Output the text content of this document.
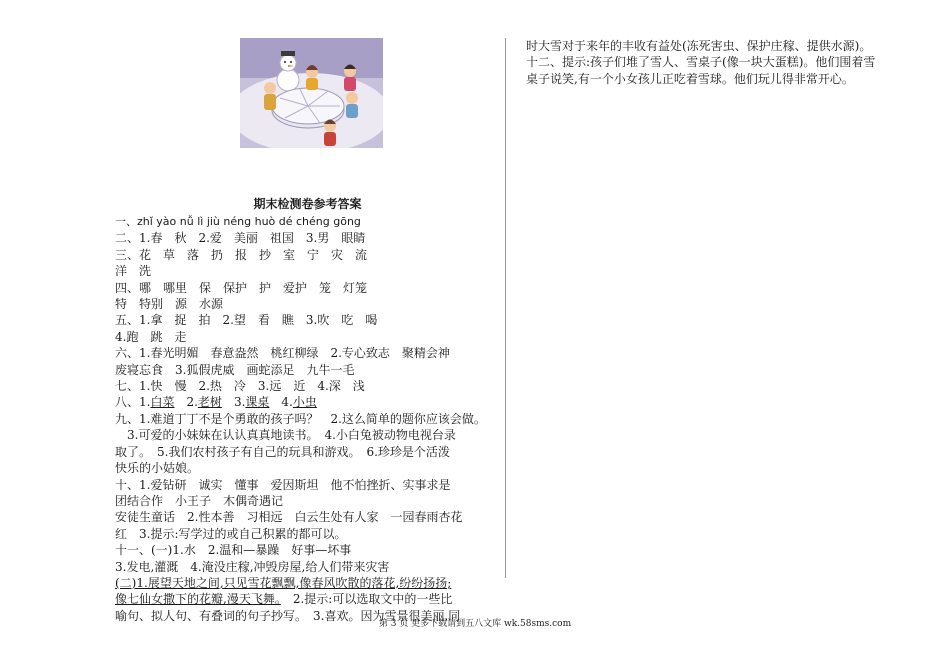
期末检测卷参考答案
一、zhǐ yào nǚ lì jiù néng huò dé chéng gōng
二、1.春　秋　2.爱　美丽　祖国　3.男　眼睛
三、花　草　落　扔　报　抄　室　宁　灾　流
洋　洗
四、哪　哪里　保　保护　护　爱护　笼　灯笼
特　特别　源　水源
五、1.拿　捉　拍　2.望　看　瞧　3.吹　吃　喝
4.跑　跳　走
六、1.春光明媚　春意盎然　桃红柳绿　2.专心致志　聚精会神
废寝忘食　3.狐假虎威　画蛇添足　九牛一毛
七、1.快　慢　2.热　冷　3.远　近　4.深　浅
八、1.白菜　2.老树　3.课桌　4.小虫
九、1.难道丁丁不是个勇敢的孩子吗？　2.这么简单的题你应该会做。
　3.可爱的小妹妹在认认真真地读书。　4.小白兔被动物电视台录
取了。　5.我们农村孩子有自己的玩具和游戏。　6.珍珍是个活泼
快乐的小姑娘。
十、1.爱钻研　诚实　懂事　爱因斯坦　他不怕挫折、实事求是
团结合作　小王子　木偶奇遇记
安徒生童话　2.性本善　习相远　白云生处有人家　一园春雨杏花
红　3.提示:写学过的或自己积累的都可以。
十一、(一)1.水　2.温和—暴躁　好事—坏事
3.发电,灌溉　4.淹没庄稼,冲毁房屋,给人们带来灾害
(二)1.展望天地之间,只见雪花飘飘,像春风吹散的落花,纷纷扬扬;
像七仙女撒下的花瓣,漫天飞舞。　2.提示:可以选取文中的一些比
喻句、拟人句、有叠词的句子抄写。　3.喜欢。因为雪景很美丽,同
时大雪对于来年的丰收有益处(冻死害虫、保护庄稼、提供水源)。
十二、提示:孩子们堆了雪人、雪桌子(像一块大蛋糕)。他们围着雪
桌子说笑,有一个小女孩儿正吃着雪球。他们玩儿得非常开心。
第 3 页 更多下载请到五八文库 wk.58sms.com
